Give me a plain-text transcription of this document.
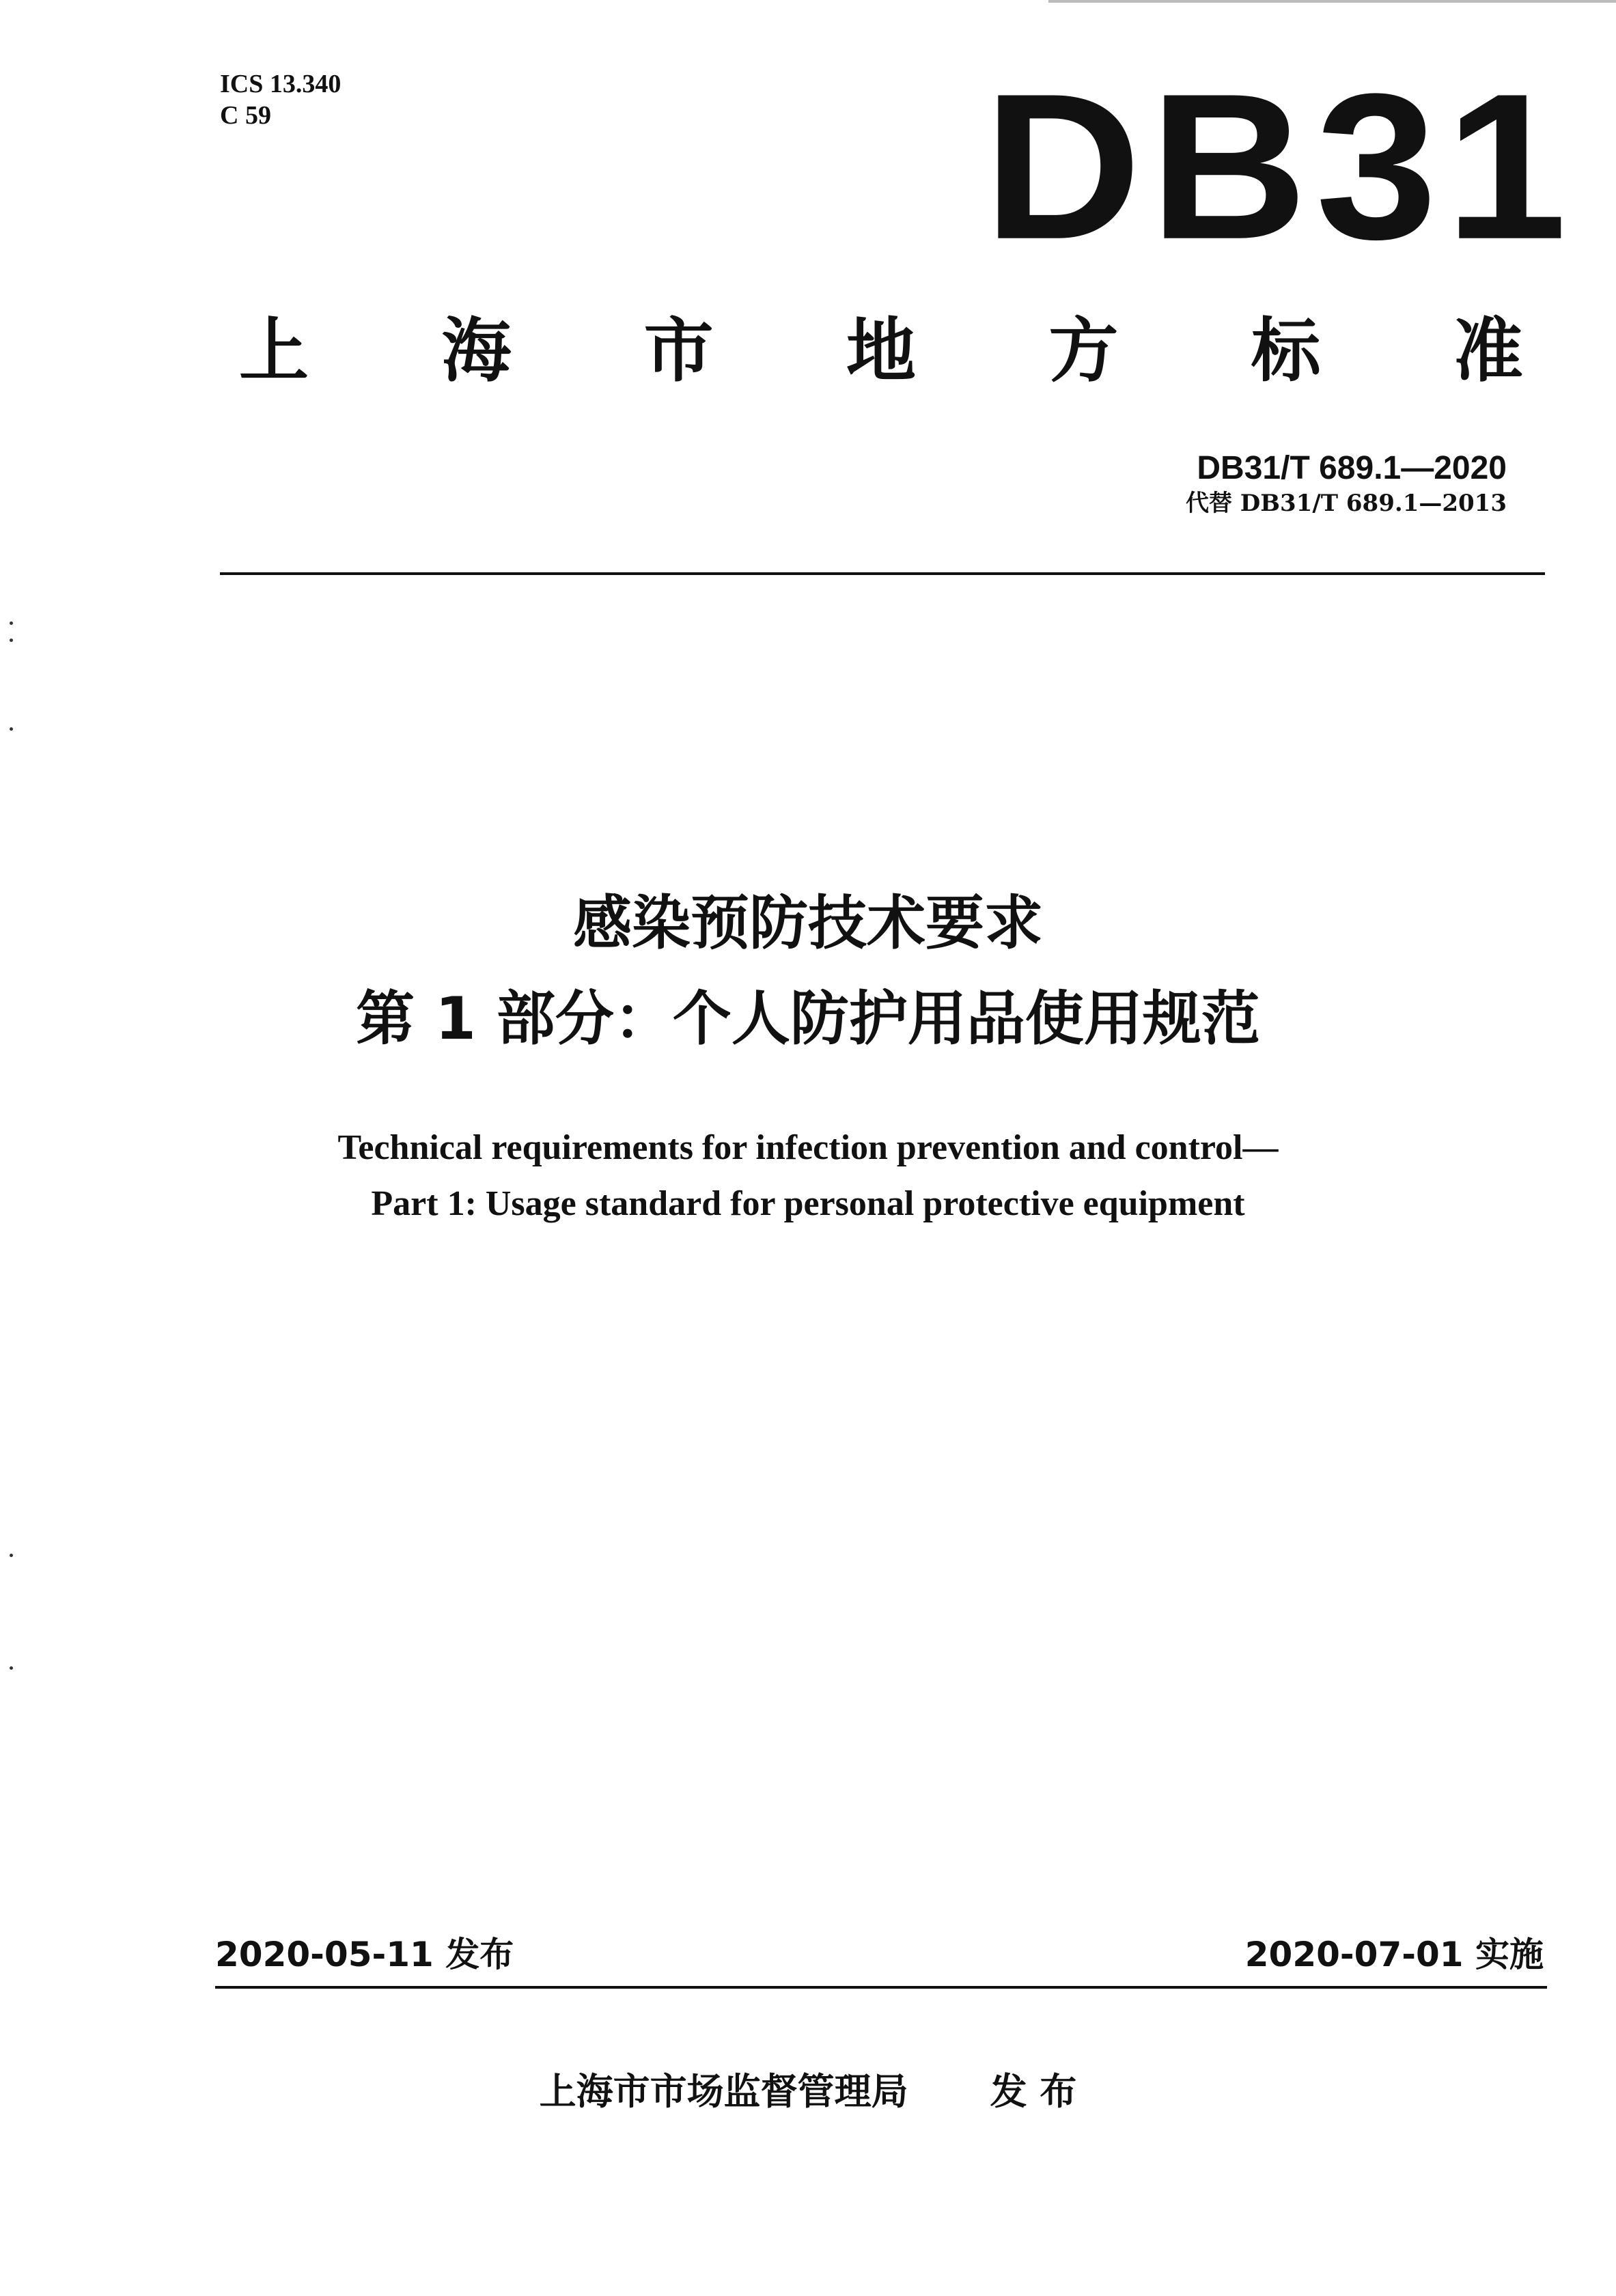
ICS 13.340
C 59	DB31
上 海 市 地 方 标 准
DB31/T 689.1—2020
代替 DB31/T 689.1—2013
感染预防技术要求
第 1 部分：个人防护用品使用规范
Technical requirements for infection prevention and control—
Part 1: Usage standard for personal protective equipment
2020-05-11 发布	2020-07-01 实施
上海市市场监督管理局 发 布
